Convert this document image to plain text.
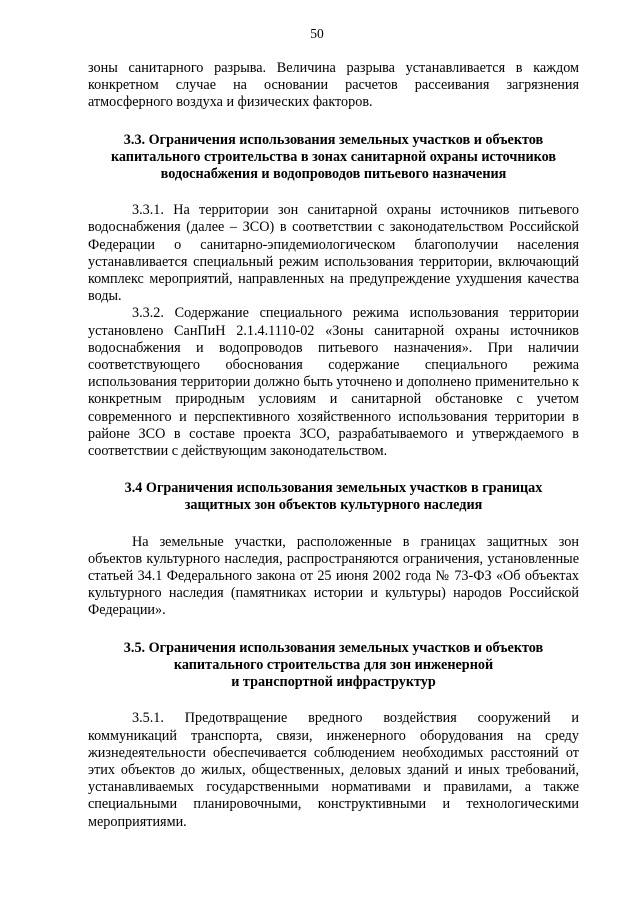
50

зоны санитарного разрыва. Величина разрыва устанавливается в каждом конкретном случае на основании расчетов рассеивания загрязнения атмосферного воздуха и физических факторов.

3.3. Ограничения использования земельных участков и объектов
капитального строительства в зонах санитарной охраны источников
водоснабжения и водопроводов питьевого назначения

3.3.1. На территории зон санитарной охраны источников питьевого водоснабжения (далее – ЗСО) в соответствии с законодательством Российской Федерации о санитарно-эпидемиологическом благополучии населения устанавливается специальный режим использования территории, включающий комплекс мероприятий, направленных на предупреждение ухудшения качества воды.

3.3.2. Содержание специального режима использования территории установлено СанПиН 2.1.4.1110-02 «Зоны санитарной охраны источников водоснабжения и водопроводов питьевого назначения». При наличии соответствующего обоснования содержание специального режима использования территории должно быть уточнено и дополнено применительно к конкретным природным условиям и санитарной обстановке с учетом современного и перспективного хозяйственного использования территории в районе ЗСО в составе проекта ЗСО, разрабатываемого и утверждаемого в соответствии с действующим законодательством.

3.4 Ограничения использования земельных участков в границах
защитных зон объектов культурного наследия

На земельные участки, расположенные в границах защитных зон объектов культурного наследия, распространяются ограничения, установленные статьей 34.1 Федерального закона от 25 июня 2002 года № 73-ФЗ «Об объектах культурного наследия (памятниках истории и культуры) народов Российской Федерации».

3.5. Ограничения использования земельных участков и объектов
капитального строительства для зон инженерной
и транспортной инфраструктур

3.5.1. Предотвращение вредного воздействия сооружений и коммуникаций транспорта, связи, инженерного оборудования на среду жизнедеятельности обеспечивается соблюдением необходимых расстояний от этих объектов до жилых, общественных, деловых зданий и иных требований, устанавливаемых государственными нормативами и правилами, а также специальными планировочными, конструктивными и технологическими мероприятиями.
